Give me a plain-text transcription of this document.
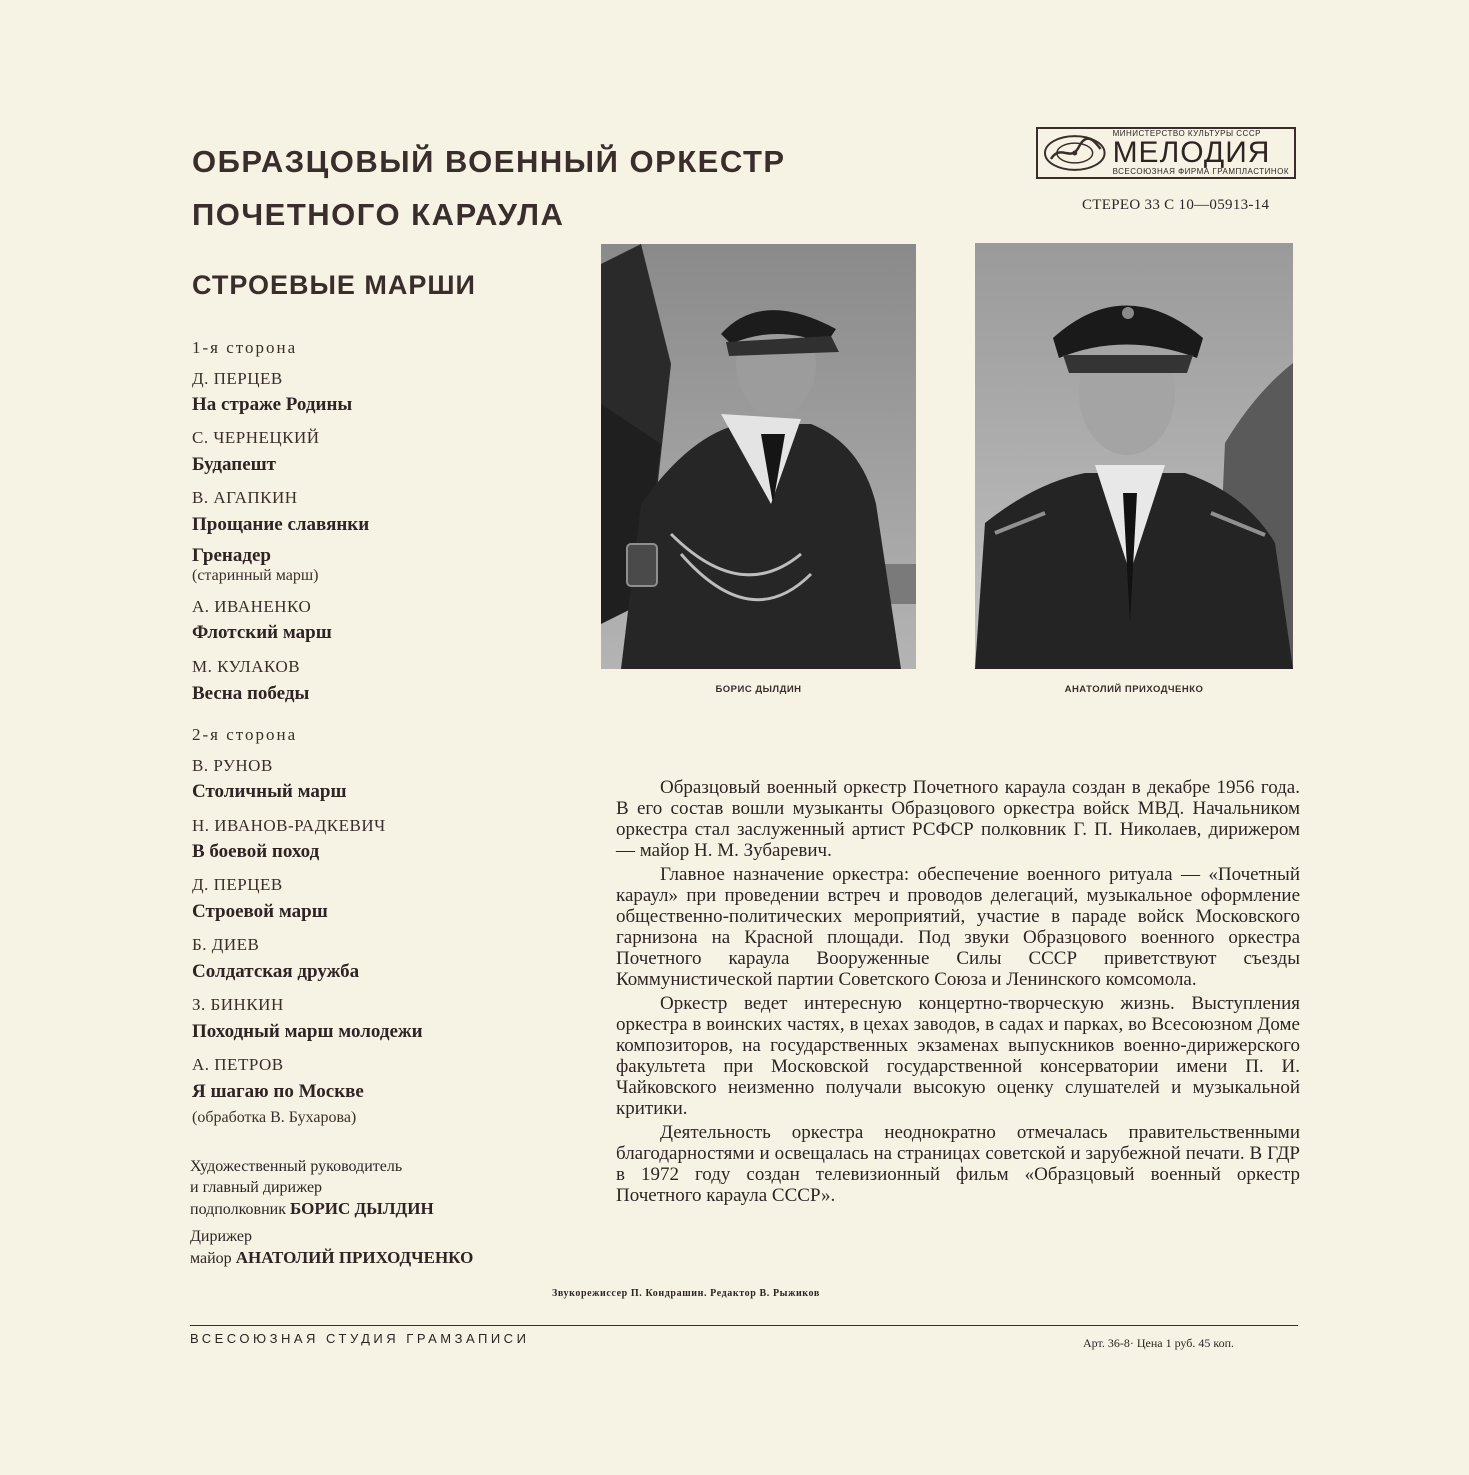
ОБРАЗЦОВЫЙ ВОЕННЫЙ ОРКЕСТР
ПОЧЕТНОГО КАРАУЛА
СТРОЕВЫЕ МАРШИ
МИНИСТЕРСТВО КУЛЬТУРЫ СССР
МЕЛОДИЯ
ВСЕСОЮЗНАЯ ФИРМА ГРАМПЛАСТИНОК
СТЕРЕО 33 С 10—05913-14
1-я сторона
Д. ПЕРЦЕВ
На страже Родины
С. ЧЕРНЕЦКИЙ
Будапешт
В. АГАПКИН
Прощание славянки
Гренадер
(старинный марш)
А. ИВАНЕНКО
Флотский марш
М. КУЛАКОВ
Весна победы
2-я сторона
В. РУНОВ
Столичный марш
Н. ИВАНОВ-РАДКЕВИЧ
В боевой поход
Д. ПЕРЦЕВ
Строевой марш
Б. ДИЕВ
Солдатская дружба
З. БИНКИН
Походный марш молодежи
А. ПЕТРОВ
Я шагаю по Москве
(обработка В. Бухарова)
Художественный руководитель
и главный дирижер
подполковник БОРИС ДЫЛДИН
Дирижер
майор АНАТОЛИЙ ПРИХОДЧЕНКО
БОРИС ДЫЛДИН	АНАТОЛИЙ ПРИХОДЧЕНКО

Образцовый военный оркестр Почетного караула создан в декабре 1956 года. В его состав вошли музыканты Образцового оркестра войск МВД. Начальником оркестра стал заслуженный артист РСФСР полковник Г. П. Николаев, дирижером — майор Н. М. Зубаревич.

Главное назначение оркестра: обеспечение военного ритуала — «Почетный караул» при проведении встреч и проводов делегаций, музыкальное оформление общественно-политических мероприятий, участие в параде войск Московского гарнизона на Красной площади. Под звуки Образцового военного оркестра Почетного караула Вооруженные Силы СССР приветствуют съезды Коммунистической партии Советского Союза и Ленинского комсомола.

Оркестр ведет интересную концертно-творческую жизнь. Выступления оркестра в воинских частях, в цехах заводов, в садах и парках, во Всесоюзном Доме композиторов, на государственных экзаменах выпускников военно-дирижерского факультета при Московской государственной консерватории имени П. И. Чайковского неизменно получали высокую оценку слушателей и музыкальной критики.

Деятельность оркестра неоднократно отмечалась правительственными благодарностями и освещалась на страницах советской и зарубежной печати. В ГДР в 1972 году создан телевизионный фильм «Образцовый военный оркестр Почетного караула СССР».

Звукорежиссер П. Кондрашин. Редактор В. Рыжиков
ВСЕСОЮЗНАЯ СТУДИЯ ГРАМЗАПИСИ	Арт. 36-8· Цена 1 руб. 45 коп.
